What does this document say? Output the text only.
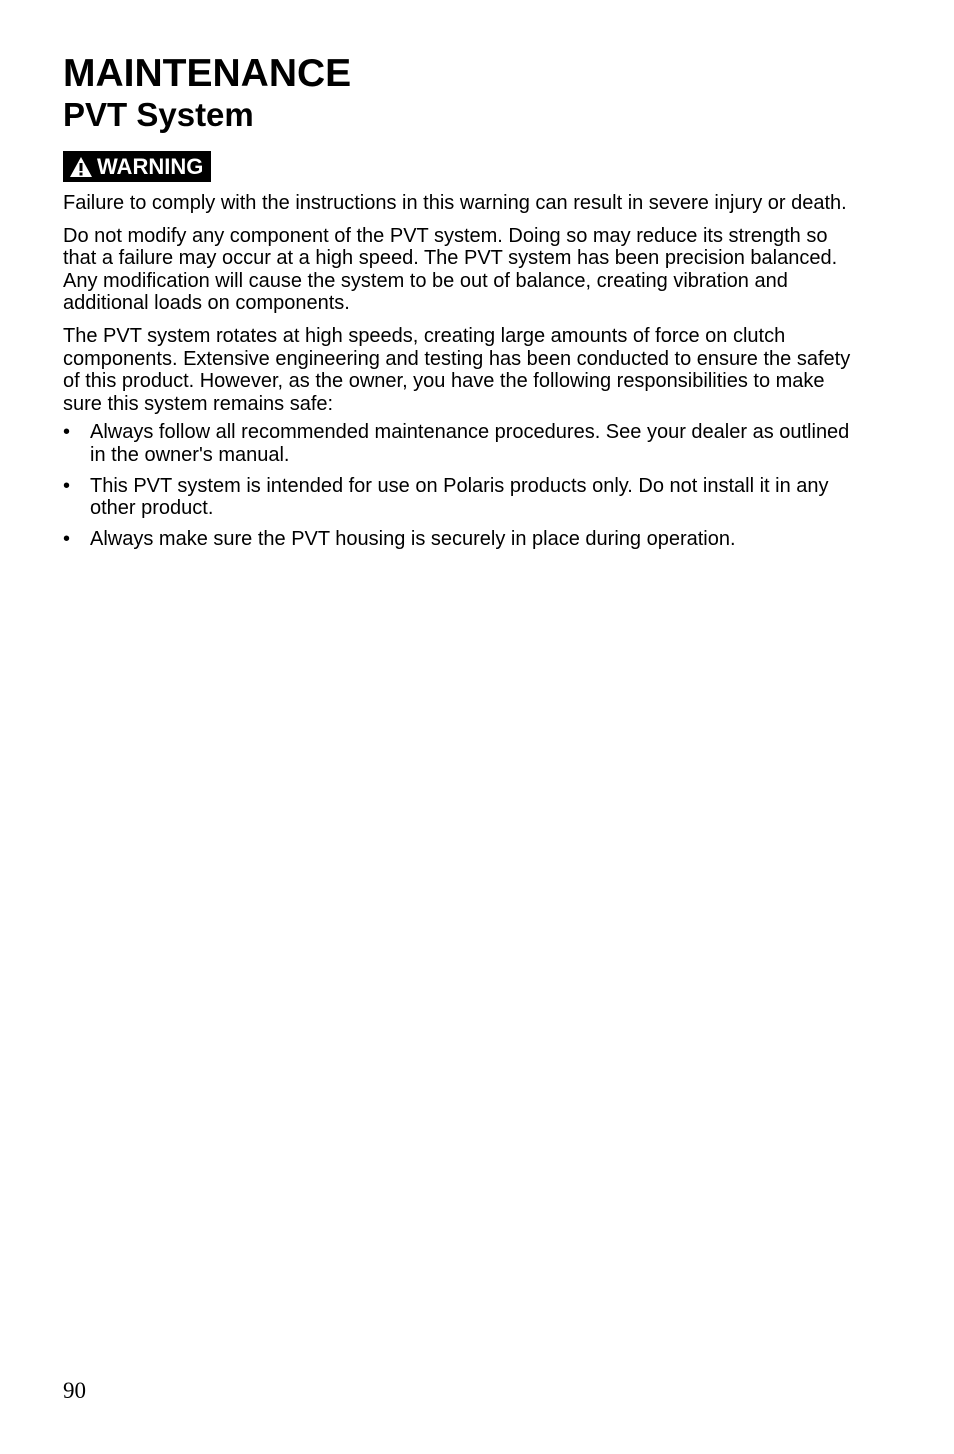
MAINTENANCE
PVT System
WARNING

Failure to comply with the instructions in this warning can result in severe injury or death.

Do not modify any component of the PVT system. Doing so may reduce its strength so that a failure may occur at a high speed. The PVT system has been precision balanced. Any modification will cause the system to be out of balance, creating vibration and additional loads on components.

The PVT system rotates at high speeds, creating large amounts of force on clutch components. Extensive engineering and testing has been conducted to ensure the safety of this product. However, as the owner, you have the following responsibilities to make sure this system remains safe:

• Always follow all recommended maintenance procedures. See your dealer as outlined in the owner's manual.
• This PVT system is intended for use on Polaris products only. Do not install it in any other product.
• Always make sure the PVT housing is securely in place during operation.
90
